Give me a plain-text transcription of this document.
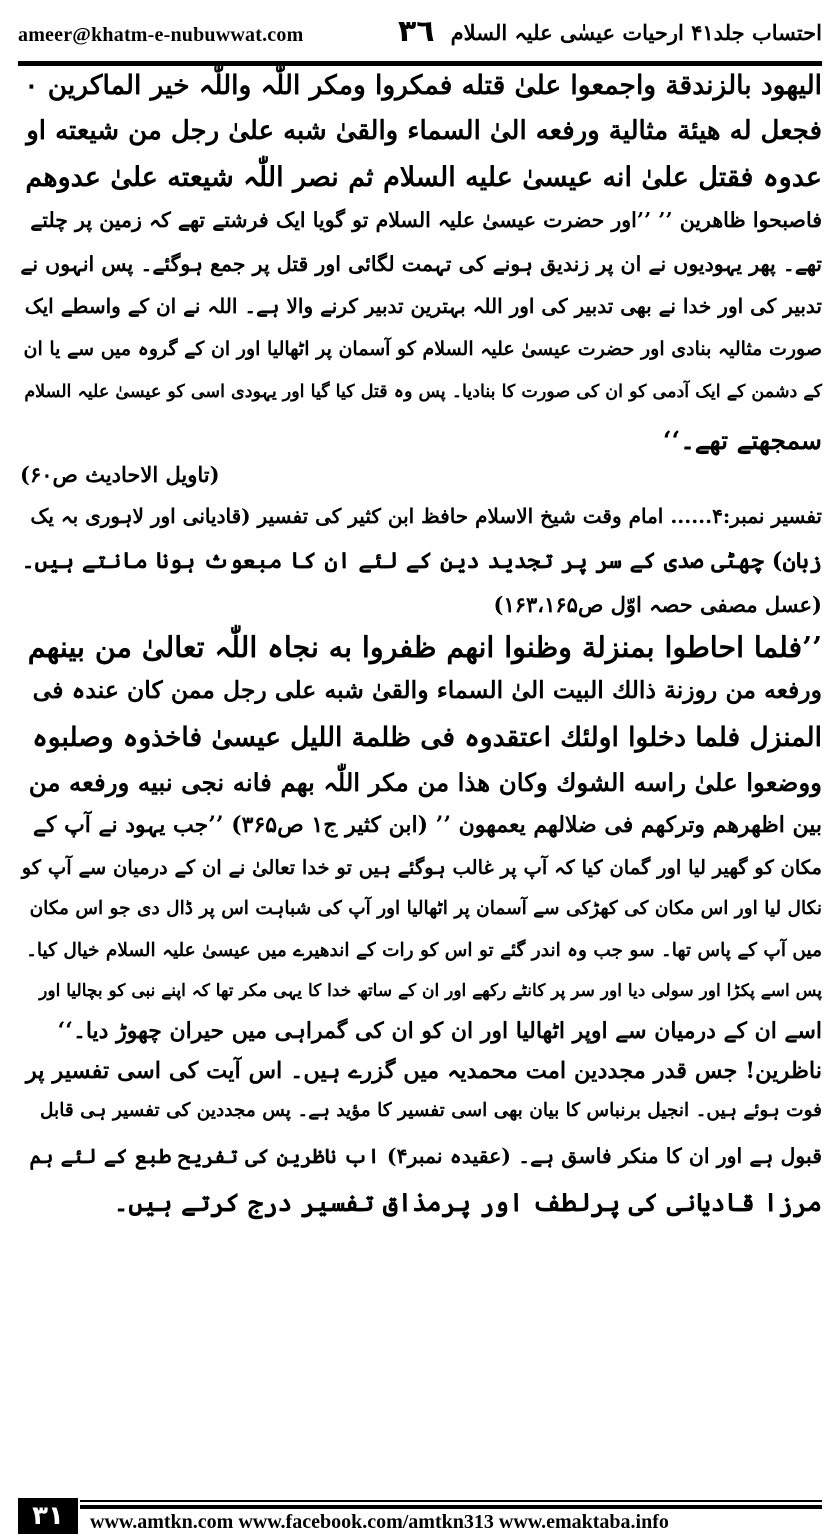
ameer@khatm-e-nubuwwat.com	۳٦ احتساب جلد۴۱ ارحیات عیسٰی علیہ السلام
الیھود بالزندقة واجمعوا علیٰ قتله فمکروا ومکر اللّٰہ واللّٰہ خیر الماکرین ۰
فجعل له ھیئة مثالیة ورفعه الیٰ السماء والقیٰ شبه علیٰ رجل من شیعته او
عدوہ فقتل علیٰ انه عیسیٰ علیه السلام ثم نصر اللّٰہ شیعته علیٰ عدوھم
فاصبحوا ظاھرین ’’ ’’اور حضرت عیسیٰ علیہ السلام تو گویا ایک فرشتے تھے کہ زمین پر چلتے
تھے۔ پھر یہودیوں نے ان پر زندیق ہونے کی تہمت لگائی اور قتل پر جمع ہوگئے۔ پس انہوں نے
تدبیر کی اور خدا نے بھی تدبیر کی اور اللہ بہترین تدبیر کرنے والا ہے۔ اللہ نے ان کے واسطے ایک
صورت مثالیہ بنادی اور حضرت عیسیٰ علیہ السلام کو آسمان پر اٹھالیا اور ان کے گروہ میں سے یا ان
کے دشمن کے ایک آدمی کو ان کی صورت کا بنادیا۔ پس وہ قتل کیا گیا اور یہودی اسی کو عیسیٰ علیہ السلام
سمجھتے تھے۔‘‘
(تاویل الاحادیث ص۶۰)
تفسیر نمبر:۴...... امام وقت شیخ الاسلام حافظ ابن کثیر کی تفسیر (قادیانی اور لاہوری بہ یک
زبان) چھٹی صدی کے سر پر تجدید دین کے لئے ان کا مبعوث ہونا مانتے ہیں۔
(عسل مصفی حصہ اوّل ص۱۶۳،۱۶۵)
’’فلما احاطوا بمنزلة وظنوا انھم ظفروا به نجاہ اللّٰہ تعالیٰ من بینھم
ورفعه من روزنة ذالك البیت الیٰ السماء والقیٰ شبه علی رجل ممن کان عندہ فی
المنزل فلما دخلوا اولئك اعتقدوہ فی ظلمة اللیل عیسیٰ فاخذوہ وصلبوہ
ووضعوا علیٰ راسه الشوك وکان ھذا من مکر اللّٰہ بھم فانه نجی نبیه ورفعه من
بین اظھرھم وترکھم فی ضلالھم یعمھون ’’ (ابن کثیر ج۱ ص۳۶۵) ’’جب یہود نے آپ کے
مکان کو گھیر لیا اور گمان کیا کہ آپ پر غالب ہوگئے ہیں تو خدا تعالیٰ نے ان کے درمیان سے آپ کو
نکال لیا اور اس مکان کی کھڑکی سے آسمان پر اٹھالیا اور آپ کی شباہت اس پر ڈال دی جو اس مکان
میں آپ کے پاس تھا۔ سو جب وہ اندر گئے تو اس کو رات کے اندھیرے میں عیسیٰ علیہ السلام خیال کیا۔
پس اسے پکڑا اور سولی دیا اور سر پر کانٹے رکھے اور ان کے ساتھ خدا کا یہی مکر تھا کہ اپنے نبی کو بچالیا اور
اسے ان کے درمیان سے اوپر اٹھالیا اور ان کو ان کی گمراہی میں حیران چھوڑ دیا۔‘‘
ناظرین! جس قدر مجددین امت محمدیہ میں گزرے ہیں۔ اس آیت کی اسی تفسیر پر
فوت ہوئے ہیں۔ انجیل برنباس کا بیان بھی اسی تفسیر کا مؤید ہے۔ پس مجددین کی تفسیر ہی قابل
قبول ہے اور ان کا منکر فاسق ہے۔ (عقیدہ نمبر۴) اب ناظرین کی تفریح طبع کے لئے ہم
مرزا قادیانی کی پرلطف اور پرمذاق تفسیر درج کرتے ہیں۔
۳۱	www.amtkn.com www.facebook.com/amtkn313 www.emaktaba.info
